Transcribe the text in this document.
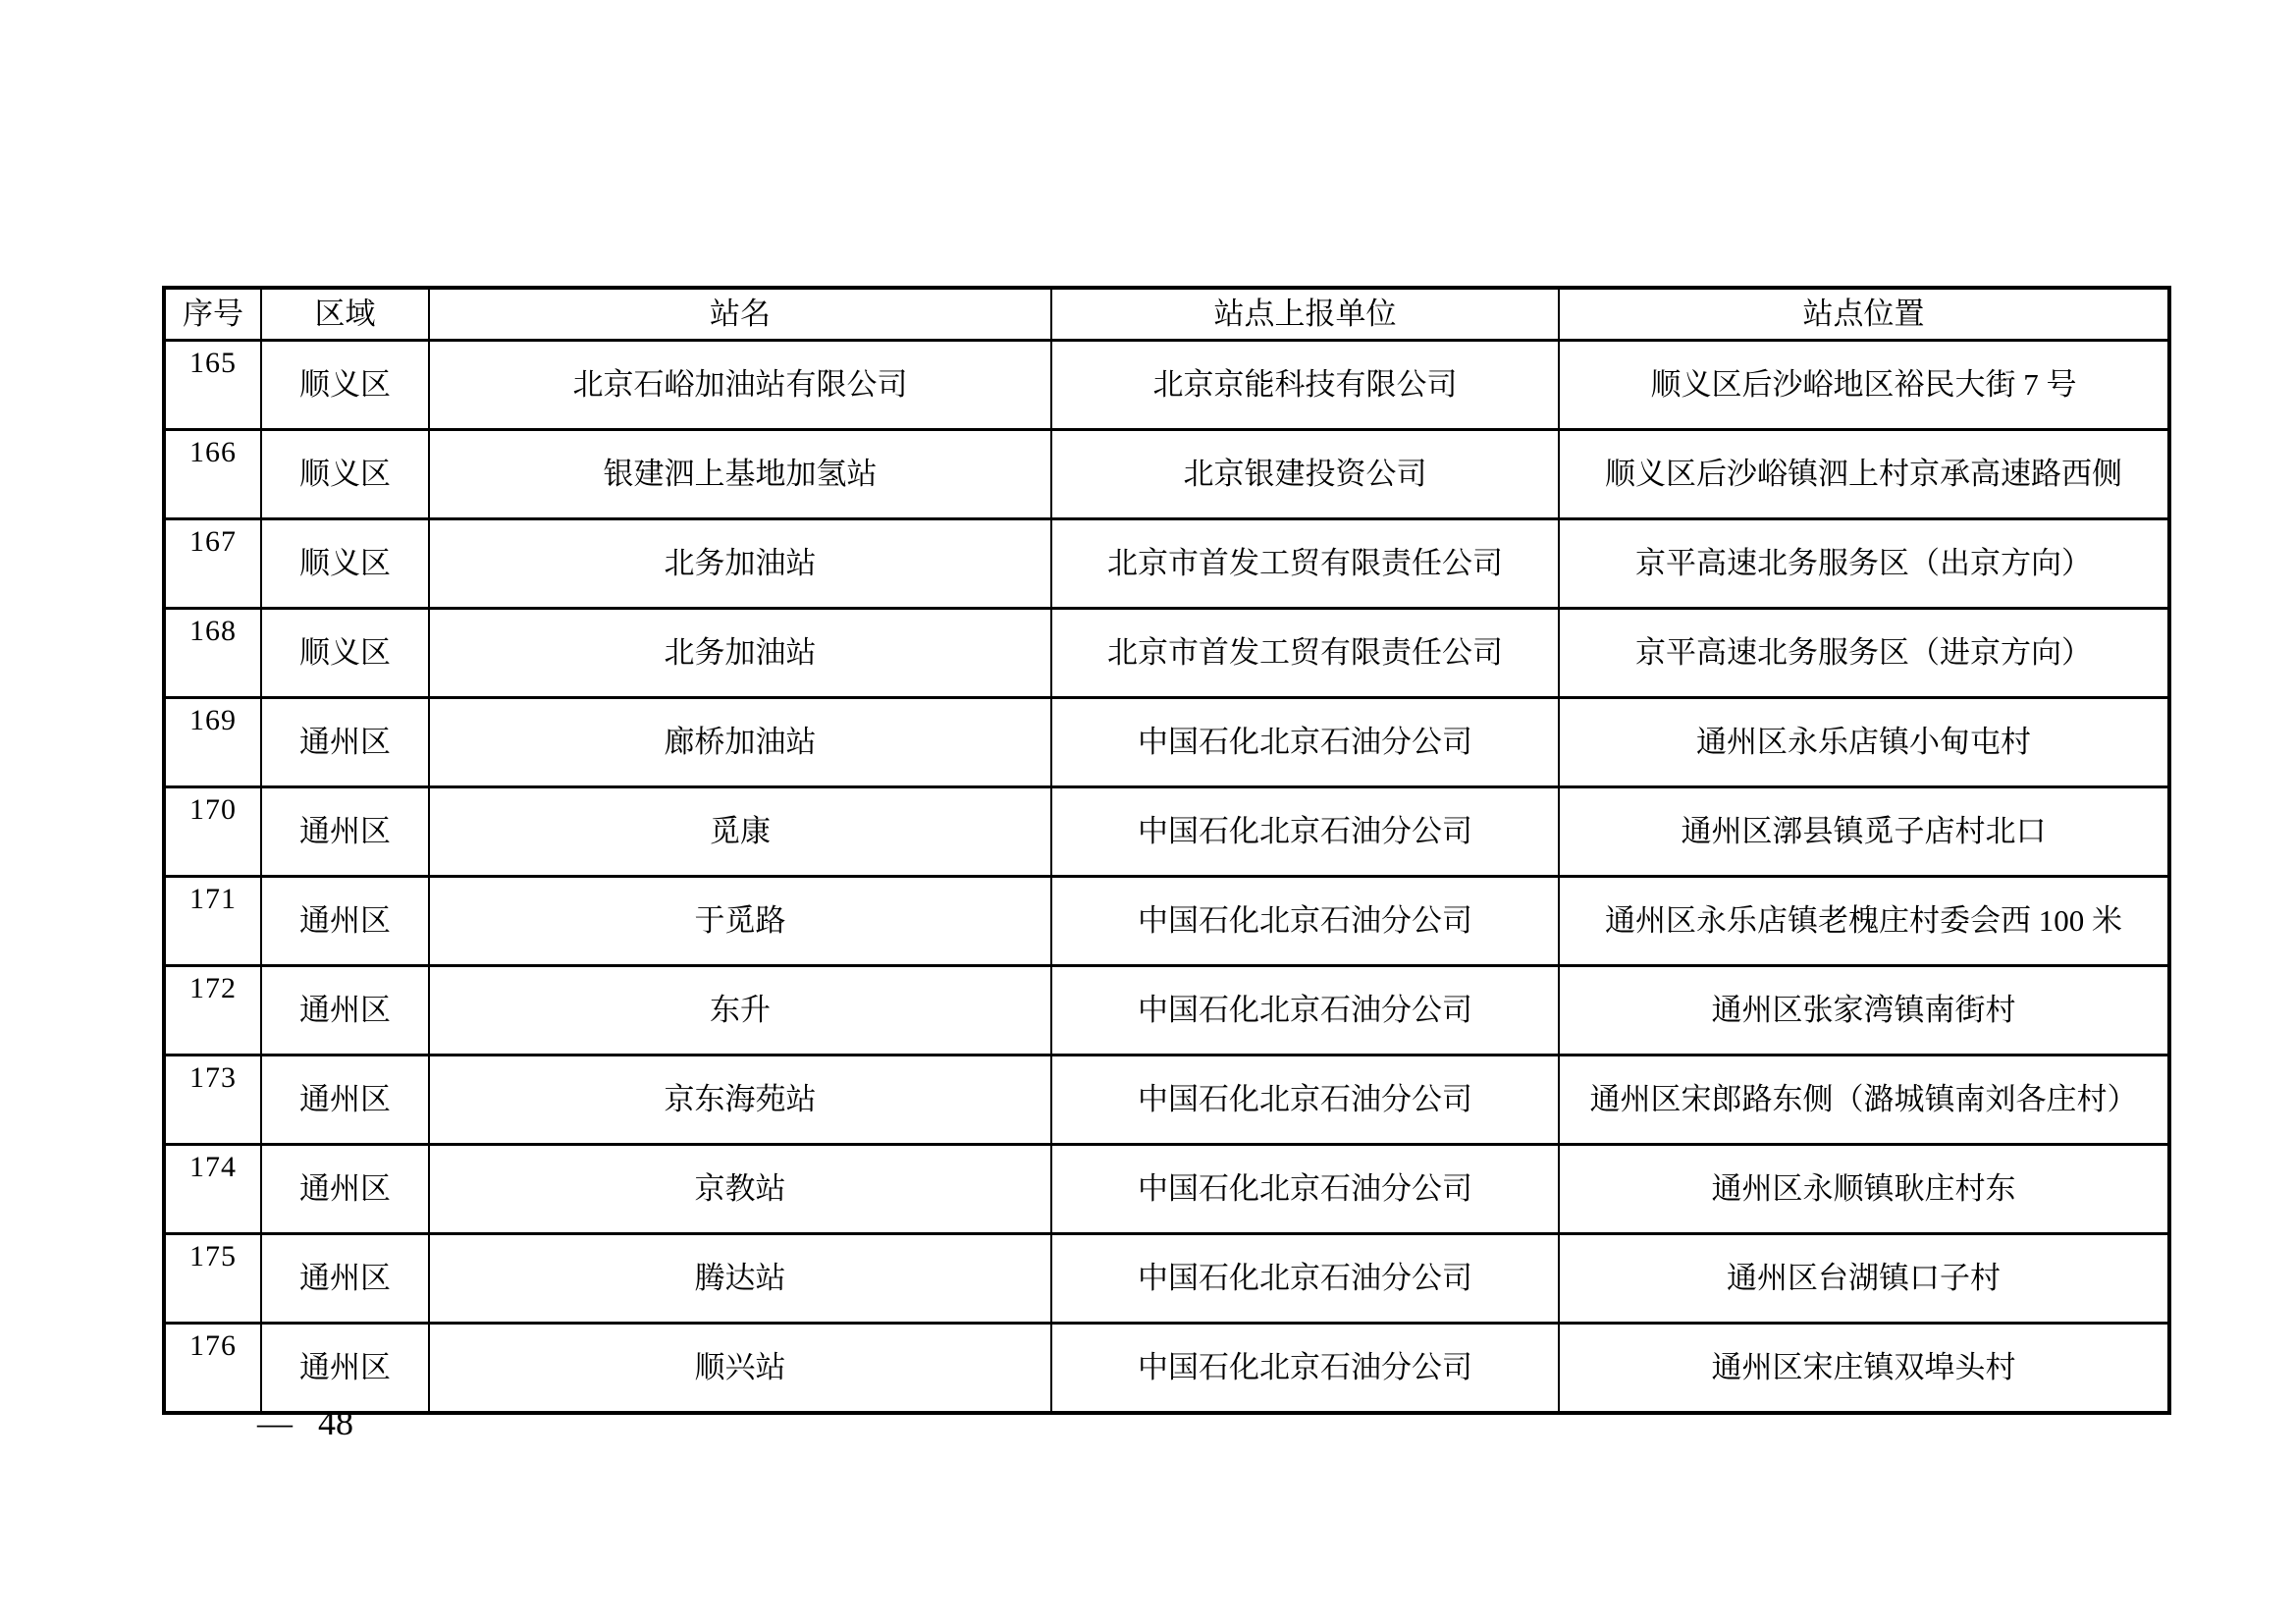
序号	区域	站名	站点上报单位	站点位置
165	顺义区	北京石峪加油站有限公司	北京京能科技有限公司	顺义区后沙峪地区裕民大街 7 号
166	顺义区	银建泗上基地加氢站	北京银建投资公司	顺义区后沙峪镇泗上村京承高速路西侧
167	顺义区	北务加油站	北京市首发工贸有限责任公司	京平高速北务服务区（出京方向）
168	顺义区	北务加油站	北京市首发工贸有限责任公司	京平高速北务服务区（进京方向）
169	通州区	廊桥加油站	中国石化北京石油分公司	通州区永乐店镇小甸屯村
170	通州区	觅康	中国石化北京石油分公司	通州区漷县镇觅子店村北口
171	通州区	于觅路	中国石化北京石油分公司	通州区永乐店镇老槐庄村委会西 100 米
172	通州区	东升	中国石化北京石油分公司	通州区张家湾镇南街村
173	通州区	京东海苑站	中国石化北京石油分公司	通州区宋郎路东侧（潞城镇南刘各庄村）
174	通州区	京教站	中国石化北京石油分公司	通州区永顺镇耿庄村东
175	通州区	腾达站	中国石化北京石油分公司	通州区台湖镇口子村
176	通州区	顺兴站	中国石化北京石油分公司	通州区宋庄镇双埠头村
— 48
